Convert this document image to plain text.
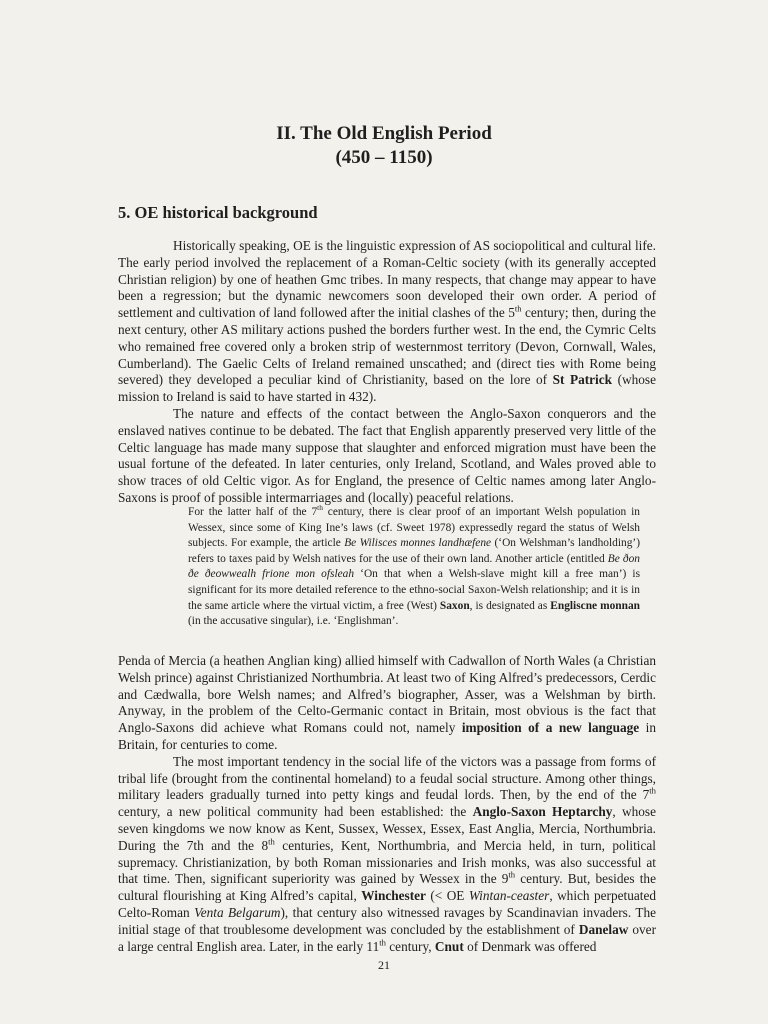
II. The Old English Period
(450 – 1150)
5. OE historical background

Historically speaking, OE is the linguistic expression of AS sociopolitical and cultural life. The early period involved the replacement of a Roman-Celtic society (with its generally accepted Christian religion) by one of heathen Gmc tribes. In many respects, that change may appear to have been a regression; but the dynamic newcomers soon developed their own order. A period of settlement and cultivation of land followed after the initial clashes of the 5th century; then, during the next century, other AS military actions pushed the borders further west. In the end, the Cymric Celts who remained free covered only a broken strip of westernmost territory (Devon, Cornwall, Wales, Cumberland). The Gaelic Celts of Ireland remained unscathed; and (direct ties with Rome being severed) they developed a peculiar kind of Christianity, based on the lore of St Patrick (whose mission to Ireland is said to have started in 432).

The nature and effects of the contact between the Anglo-Saxon conquerors and the enslaved natives continue to be debated. The fact that English apparently preserved very little of the Celtic language has made many suppose that slaughter and enforced migration must have been the usual fortune of the defeated. In later centuries, only Ireland, Scotland, and Wales proved able to show traces of old Celtic vigor. As for England, the presence of Celtic names among later Anglo-Saxons is proof of possible intermarriages and (locally) peaceful relations.

For the latter half of the 7th century, there is clear proof of an important Welsh population in Wessex, since some of King Ine’s laws (cf. Sweet 1978) expressedly regard the status of Welsh subjects. For example, the article Be Wilisces monnes landhæfene (‘On Welshman’s landholding’) refers to taxes paid by Welsh natives for the use of their own land. Another article (entitled Be ðon ðe ðeowwealh frione mon ofsleah ‘On that when a Welsh-slave might kill a free man’) is significant for its more detailed reference to the ethno-social Saxon-Welsh relationship; and it is in the same article where the virtual victim, a free (West) Saxon, is designated as Engliscne monnan (in the accusative singular), i.e. ‘Englishman’.

Penda of Mercia (a heathen Anglian king) allied himself with Cadwallon of North Wales (a Christian Welsh prince) against Christianized Northumbria. At least two of King Alfred’s predecessors, Cerdic and Cædwalla, bore Welsh names; and Alfred’s biographer, Asser, was a Welshman by birth. Anyway, in the problem of the Celto-Germanic contact in Britain, most obvious is the fact that Anglo-Saxons did achieve what Romans could not, namely imposition of a new language in Britain, for centuries to come.

The most important tendency in the social life of the victors was a passage from forms of tribal life (brought from the continental homeland) to a feudal social structure. Among other things, military leaders gradually turned into petty kings and feudal lords. Then, by the end of the 7th century, a new political community had been established: the Anglo-Saxon Heptarchy, whose seven kingdoms we now know as Kent, Sussex, Wessex, Essex, East Anglia, Mercia, Northumbria. During the 7th and the 8th centuries, Kent, Northumbria, and Mercia held, in turn, political supremacy. Christianization, by both Roman missionaries and Irish monks, was also successful at that time. Then, significant superiority was gained by Wessex in the 9th century. But, besides the cultural flourishing at King Alfred’s capital, Winchester (< OE Wintan-ceaster, which perpetuated Celto-Roman Venta Belgarum), that century also witnessed ravages by Scandinavian invaders. The initial stage of that troublesome development was concluded by the establishment of Danelaw over a large central English area. Later, in the early 11th century, Cnut of Denmark was offered

21
